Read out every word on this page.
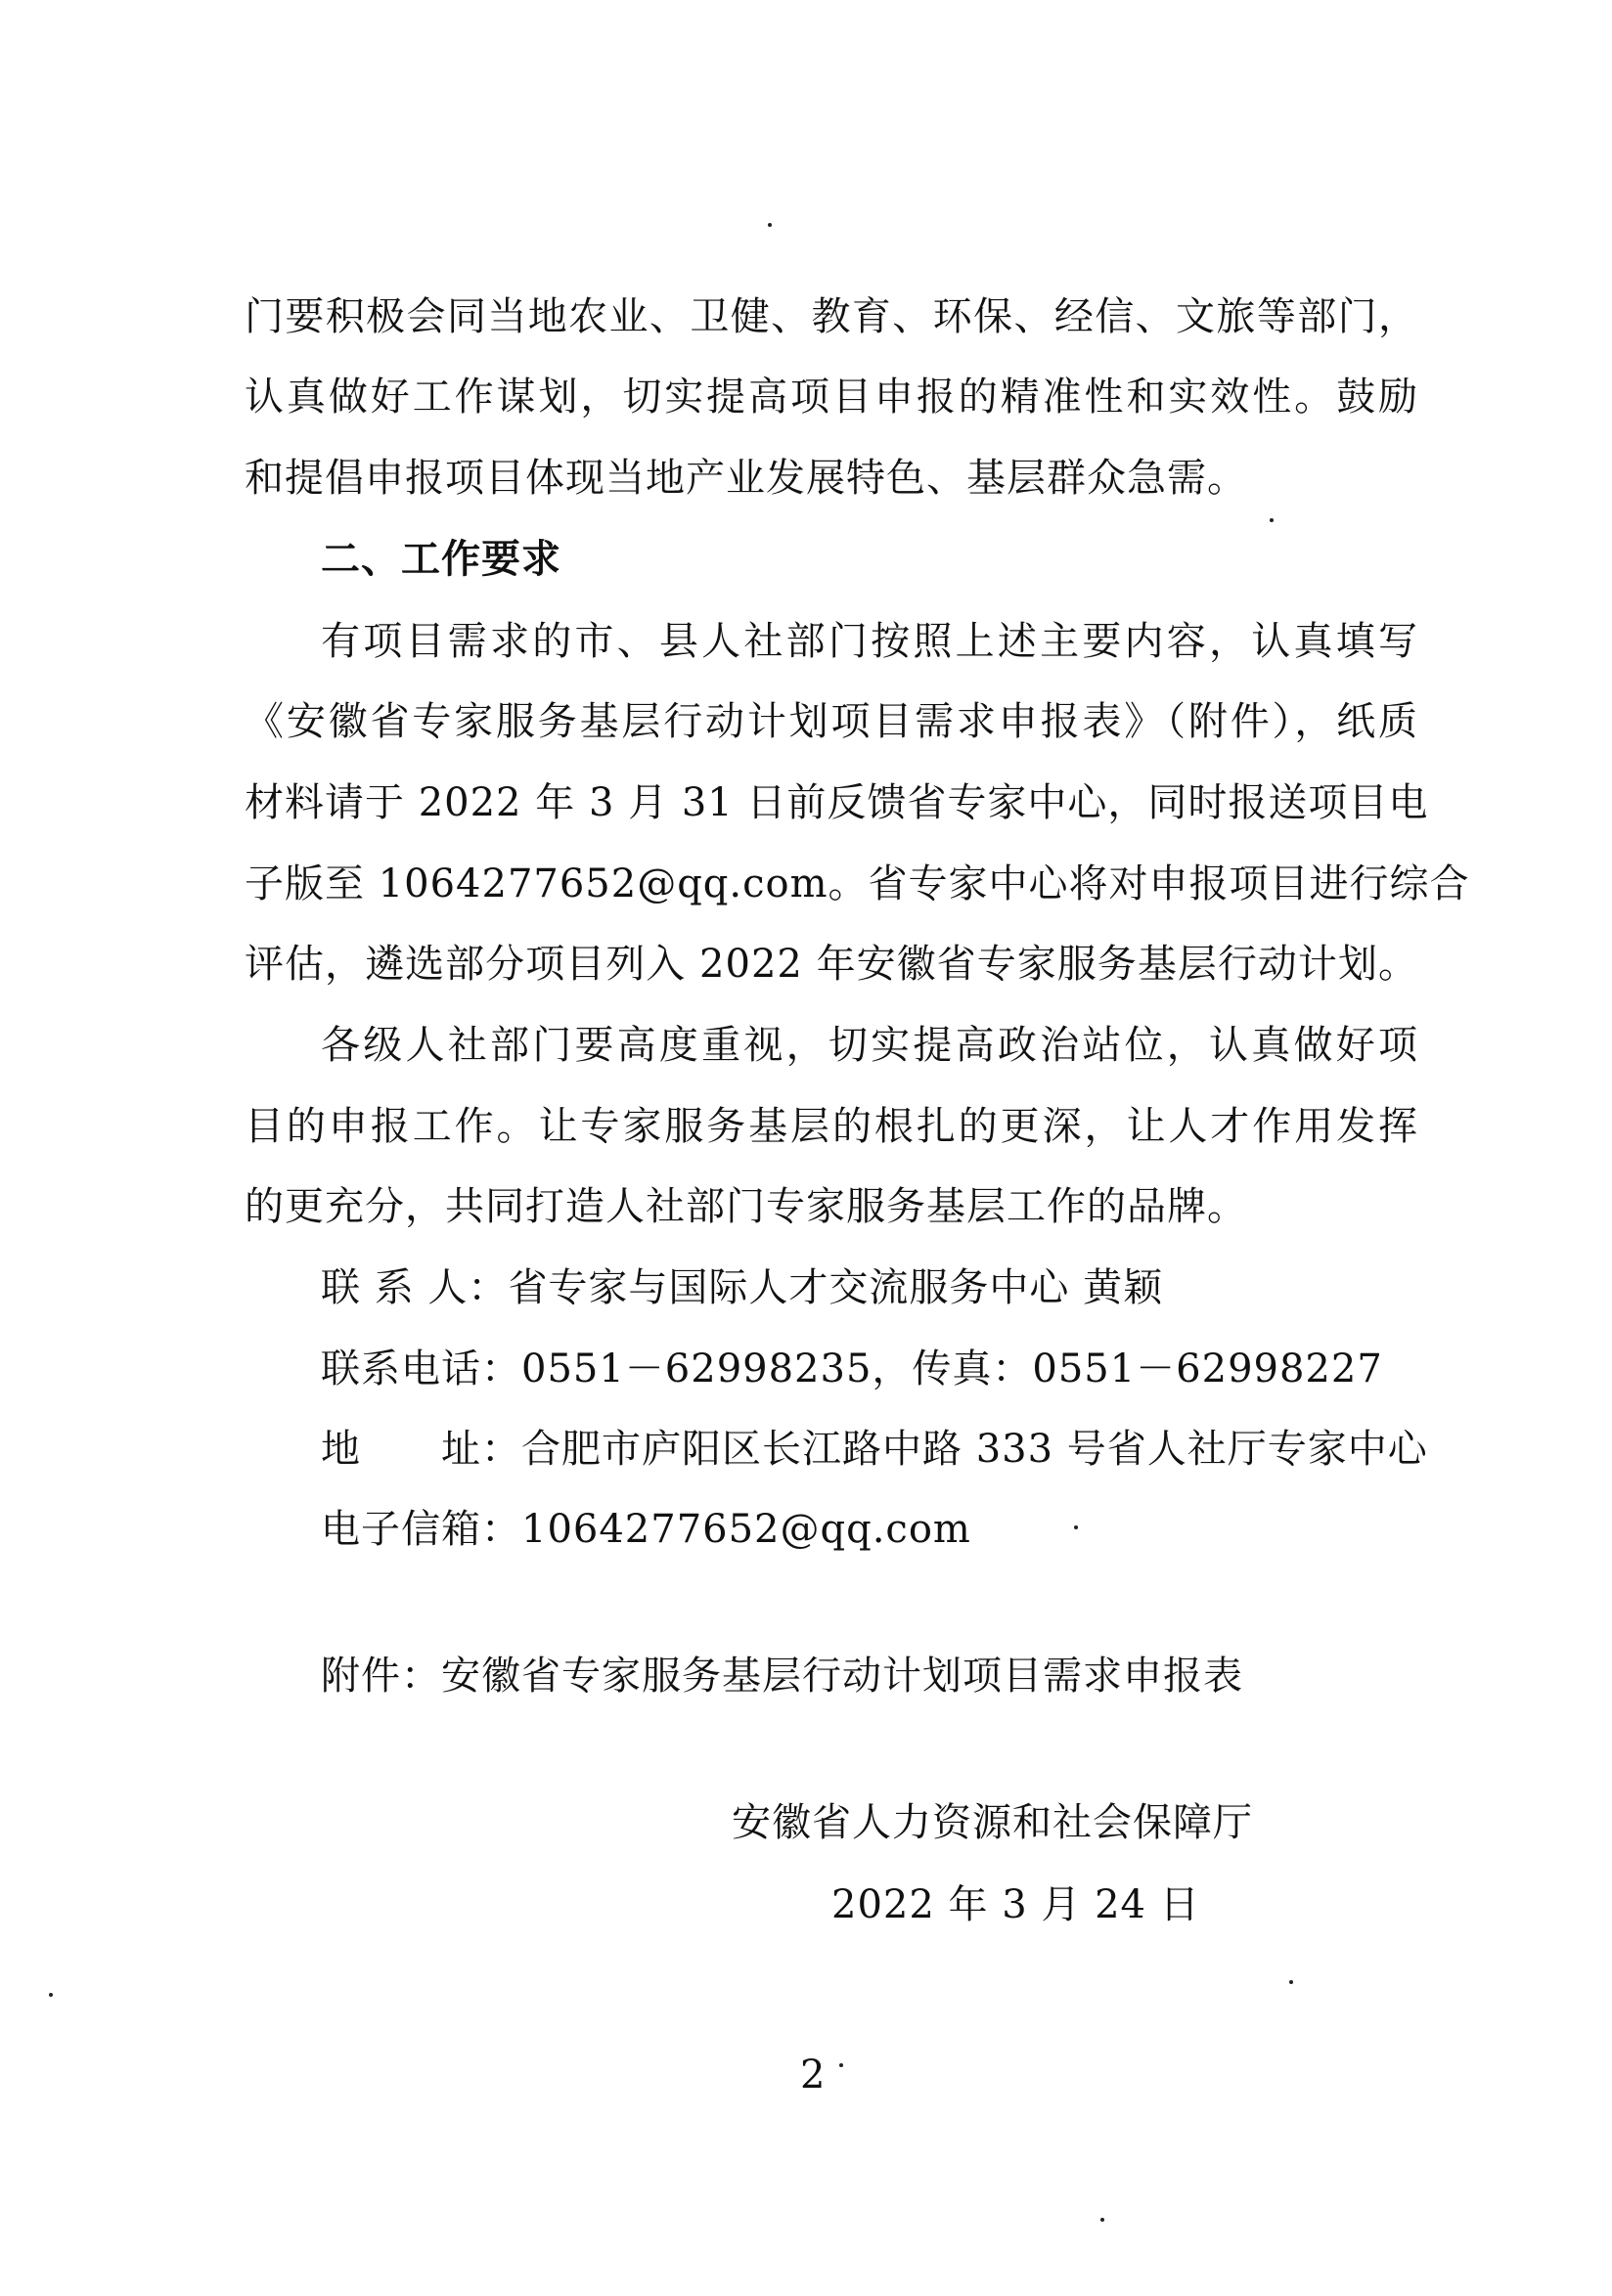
门要积极会同当地农业、卫健、教育、环保、经信、文旅等部门，
认真做好工作谋划，切实提高项目申报的精准性和实效性。鼓励
和提倡申报项目体现当地产业发展特色、基层群众急需。
二、工作要求
有项目需求的市、县人社部门按照上述主要内容，认真填写
《安徽省专家服务基层行动计划项目需求申报表》（附件），纸质
材料请于 2022 年 3 月 31 日前反馈省专家中心，同时报送项目电
子版至 1064277652@qq.com。省专家中心将对申报项目进行综合
评估，遴选部分项目列入 2022 年安徽省专家服务基层行动计划。
各级人社部门要高度重视，切实提高政治站位，认真做好项
目的申报工作。让专家服务基层的根扎的更深，让人才作用发挥
的更充分，共同打造人社部门专家服务基层工作的品牌。
联 系 人：省专家与国际人才交流服务中心 黄颖
联系电话：0551－62998235，传真：0551－62998227
地　　址：合肥市庐阳区长江路中路 333 号省人社厅专家中心
电子信箱：1064277652@qq.com
附件：安徽省专家服务基层行动计划项目需求申报表
安徽省人力资源和社会保障厅
2022 年 3 月 24 日
2
